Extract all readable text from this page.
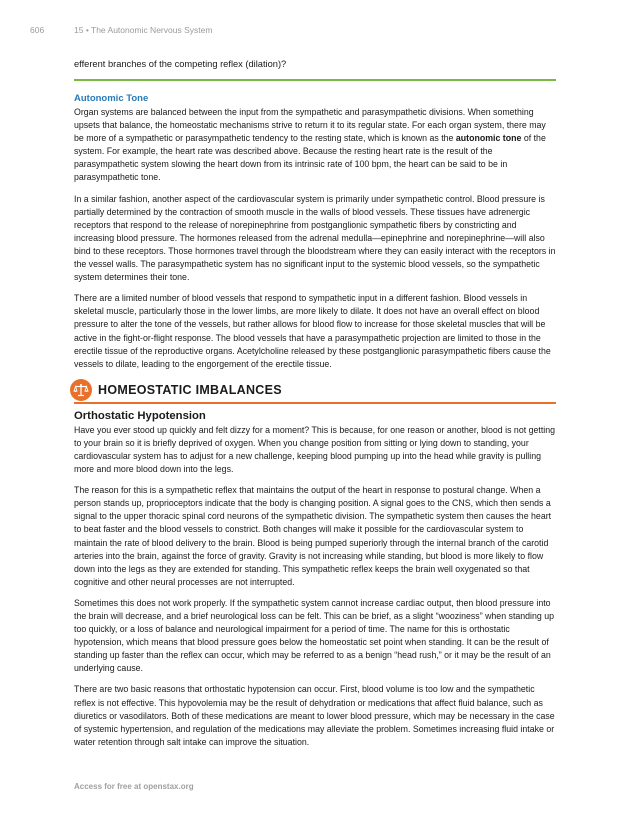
606	15 • The Autonomic Nervous System

efferent branches of the competing reflex (dilation)?

Autonomic Tone

Organ systems are balanced between the input from the sympathetic and parasympathetic divisions. When something upsets that balance, the homeostatic mechanisms strive to return it to its regular state. For each organ system, there may be more of a sympathetic or parasympathetic tendency to the resting state, which is known as the autonomic tone of the system. For example, the heart rate was described above. Because the resting heart rate is the result of the parasympathetic system slowing the heart down from its intrinsic rate of 100 bpm, the heart can be said to be in parasympathetic tone.

In a similar fashion, another aspect of the cardiovascular system is primarily under sympathetic control. Blood pressure is partially determined by the contraction of smooth muscle in the walls of blood vessels. These tissues have adrenergic receptors that respond to the release of norepinephrine from postganglionic sympathetic fibers by constricting and increasing blood pressure. The hormones released from the adrenal medulla—epinephrine and norepinephrine—will also bind to these receptors. Those hormones travel through the bloodstream where they can easily interact with the receptors in the vessel walls. The parasympathetic system has no significant input to the systemic blood vessels, so the sympathetic system determines their tone.

There are a limited number of blood vessels that respond to sympathetic input in a different fashion. Blood vessels in skeletal muscle, particularly those in the lower limbs, are more likely to dilate. It does not have an overall effect on blood pressure to alter the tone of the vessels, but rather allows for blood flow to increase for those skeletal muscles that will be active in the fight-or-flight response. The blood vessels that have a parasympathetic projection are limited to those in the erectile tissue of the reproductive organs. Acetylcholine released by these postganglionic parasympathetic fibers cause the vessels to dilate, leading to the engorgement of the erectile tissue.

HOMEOSTATIC IMBALANCES
Orthostatic Hypotension

Have you ever stood up quickly and felt dizzy for a moment? This is because, for one reason or another, blood is not getting to your brain so it is briefly deprived of oxygen. When you change position from sitting or lying down to standing, your cardiovascular system has to adjust for a new challenge, keeping blood pumping up into the head while gravity is pulling more and more blood down into the legs.

The reason for this is a sympathetic reflex that maintains the output of the heart in response to postural change. When a person stands up, proprioceptors indicate that the body is changing position. A signal goes to the CNS, which then sends a signal to the upper thoracic spinal cord neurons of the sympathetic division. The sympathetic system then causes the heart to beat faster and the blood vessels to constrict. Both changes will make it possible for the cardiovascular system to maintain the rate of blood delivery to the brain. Blood is being pumped superiorly through the internal branch of the carotid arteries into the brain, against the force of gravity. Gravity is not increasing while standing, but blood is more likely to flow down into the legs as they are extended for standing. This sympathetic reflex keeps the brain well oxygenated so that cognitive and other neural processes are not interrupted.

Sometimes this does not work properly. If the sympathetic system cannot increase cardiac output, then blood pressure into the brain will decrease, and a brief neurological loss can be felt. This can be brief, as a slight “wooziness” when standing up too quickly, or a loss of balance and neurological impairment for a period of time. The name for this is orthostatic hypotension, which means that blood pressure goes below the homeostatic set point when standing. It can be the result of standing up faster than the reflex can occur, which may be referred to as a benign “head rush,” or it may be the result of an underlying cause.

There are two basic reasons that orthostatic hypotension can occur. First, blood volume is too low and the sympathetic reflex is not effective. This hypovolemia may be the result of dehydration or medications that affect fluid balance, such as diuretics or vasodilators. Both of these medications are meant to lower blood pressure, which may be necessary in the case of systemic hypertension, and regulation of the medications may alleviate the problem. Sometimes increasing fluid intake or water retention through salt intake can improve the situation.

Access for free at openstax.org
